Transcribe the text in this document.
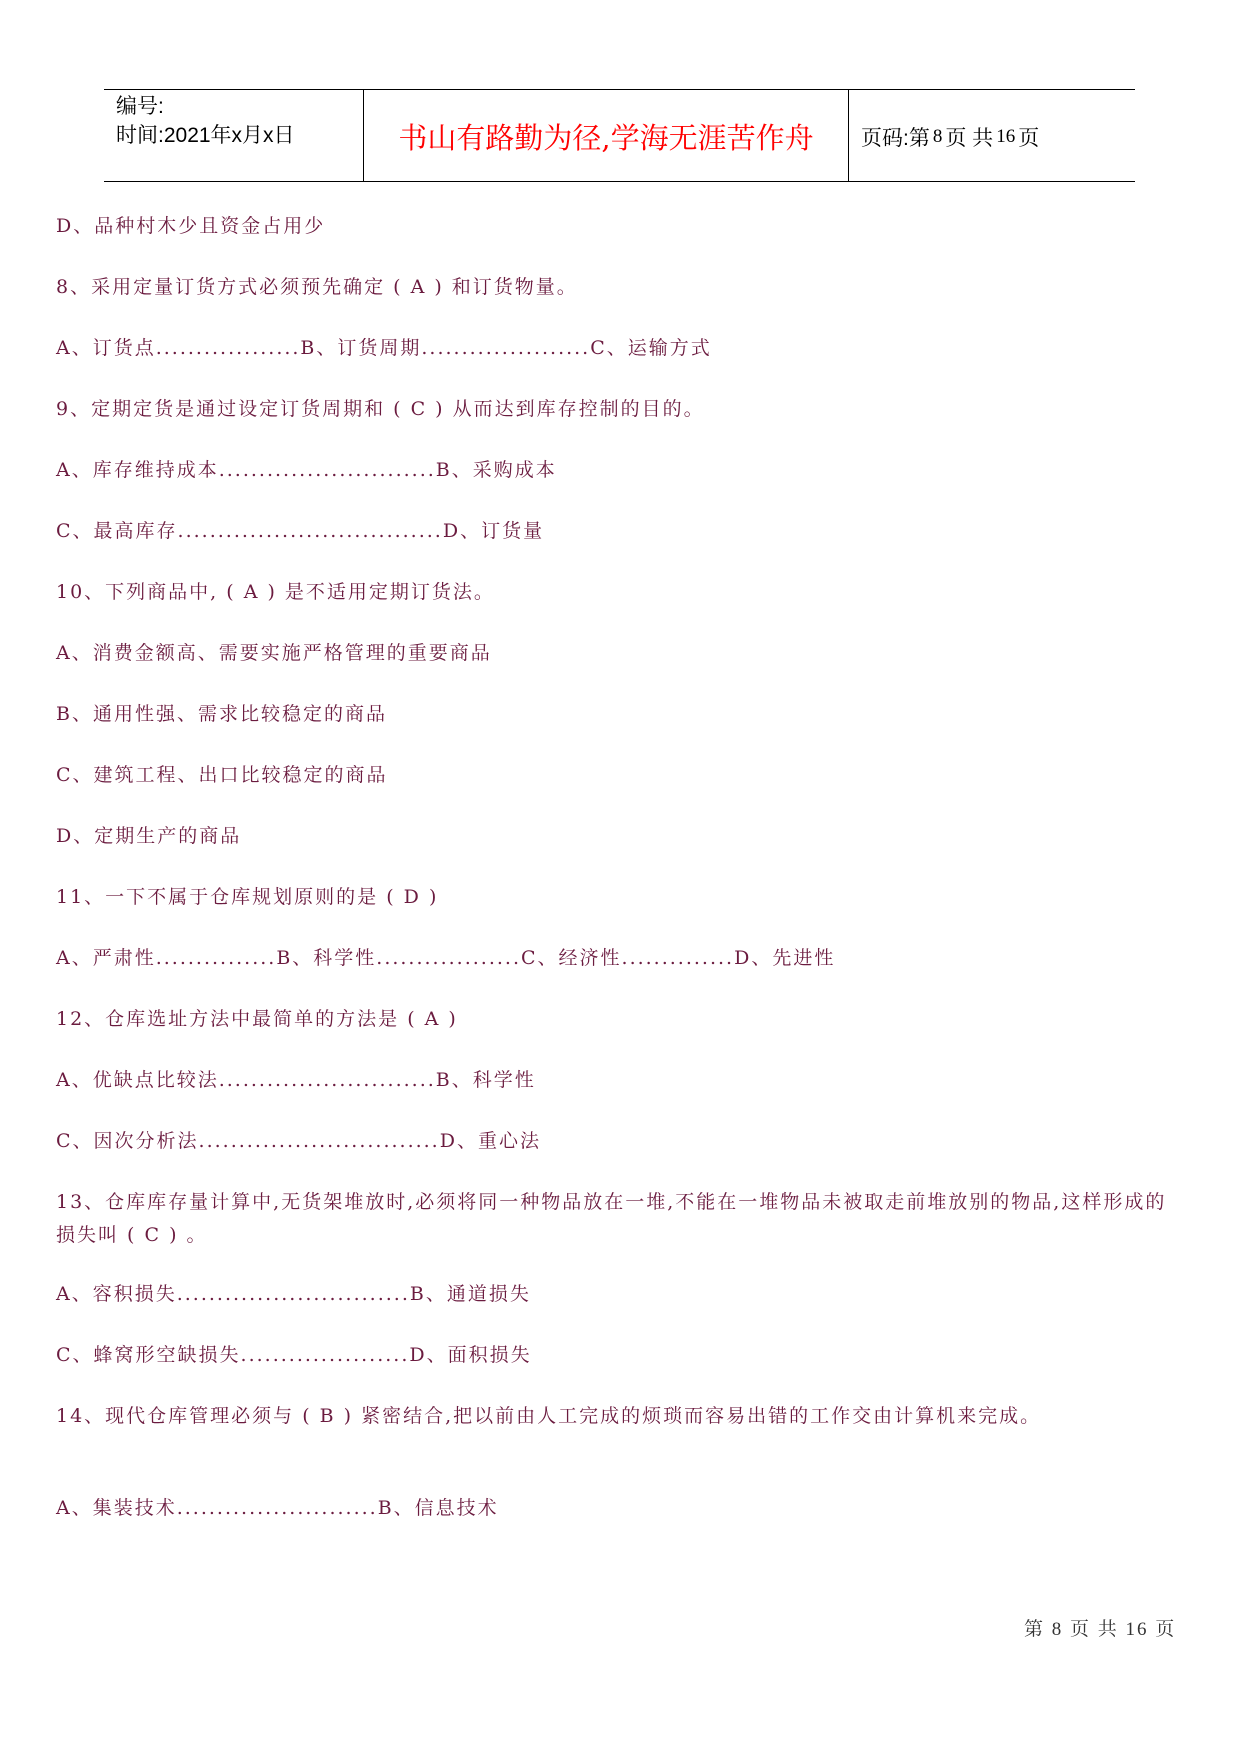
编号:
时间:2021年x月x日	书山有路勤为径,学海无涯苦作舟 页码:第 8 页 共 16 页
D、品种村木少且资金占用少
8、采用定量订货方式必须预先确定 ( A ) 和订货物量。
A、订货点..................B、订货周期.....................C、运输方式
9、定期定货是通过设定订货周期和 ( C ) 从而达到库存控制的目的。
A、库存维持成本...........................B、采购成本
C、最高库存.................................D、订货量
10、下列商品中, ( A ) 是不适用定期订货法。
A、消费金额高、需要实施严格管理的重要商品
B、通用性强、需求比较稳定的商品
C、建筑工程、出口比较稳定的商品
D、定期生产的商品
11、一下不属于仓库规划原则的是 ( D )
A、严肃性...............B、科学性..................C、经济性..............D、先进性
12、仓库选址方法中最简单的方法是 ( A )
A、优缺点比较法...........................B、科学性
C、因次分析法..............................D、重心法
13、仓库库存量计算中,无货架堆放时,必须将同一种物品放在一堆,不能在一堆物品未被取走前堆放别的物品,这样形成的损失叫 ( C ) 。
A、容积损失.............................B、通道损失
C、蜂窝形空缺损失.....................D、面积损失
14、现代仓库管理必须与 ( B ) 紧密结合,把以前由人工完成的烦琐而容易出错的工作交由计算机来完成。
A、集装技术.........................B、信息技术
第 8 页 共 16 页
